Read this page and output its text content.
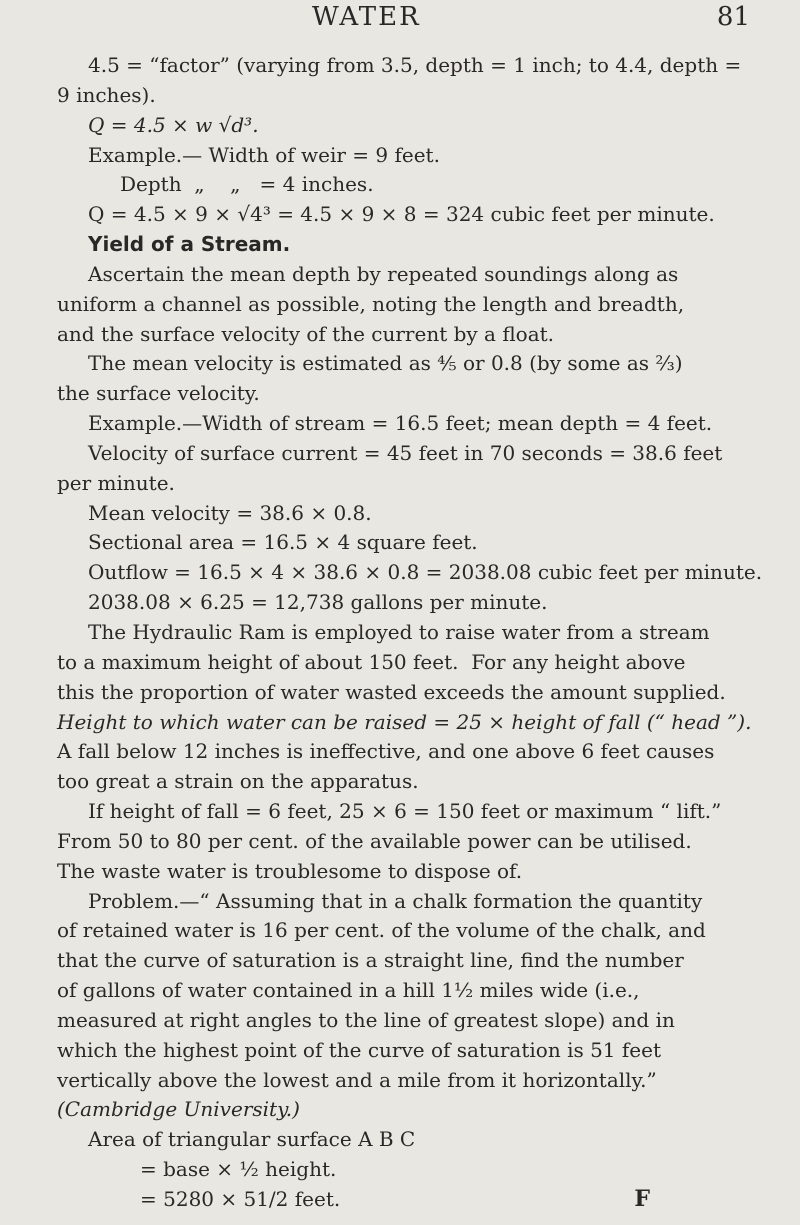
WATER	81
4.5 = “factor” (varying from 3.5, depth = 1 inch; to 4.4, depth =
9 inches).
Q = 4.5 × w √d³.
Example.— Width of weir = 9 feet.
Depth  „    „   = 4 inches.
Q = 4.5 × 9 × √4³ = 4.5 × 9 × 8 = 324 cubic feet per minute.
Yield of a Stream.
Ascertain the mean depth by repeated soundings along as
uniform a channel as possible, noting the length and breadth,
and the surface velocity of the current by a float.
The mean velocity is estimated as ⅘ or 0.8 (by some as ⅔)
the surface velocity.
Example.—Width of stream = 16.5 feet; mean depth = 4 feet.
Velocity of surface current = 45 feet in 70 seconds = 38.6 feet
per minute.
Mean velocity = 38.6 × 0.8.
Sectional area = 16.5 × 4 square feet.
Outflow = 16.5 × 4 × 38.6 × 0.8 = 2038.08 cubic feet per minute.
2038.08 × 6.25 = 12,738 gallons per minute.
The Hydraulic Ram is employed to raise water from a stream
to a maximum height of about 150 feet.  For any height above
this the proportion of water wasted exceeds the amount supplied.
Height to which water can be raised = 25 × height of fall (“ head ”).
A fall below 12 inches is ineffective, and one above 6 feet causes
too great a strain on the apparatus.
If height of fall = 6 feet, 25 × 6 = 150 feet or maximum “ lift.”
From 50 to 80 per cent. of the available power can be utilised.
The waste water is troublesome to dispose of.
Problem.—“ Assuming that in a chalk formation the quantity
of retained water is 16 per cent. of the volume of the chalk, and
that the curve of saturation is a straight line, find the number
of gallons of water contained in a hill 1½ miles wide (i.e.,
measured at right angles to the line of greatest slope) and in
which the highest point of the curve of saturation is 51 feet
vertically above the lowest and a mile from it horizontally.”
(Cambridge University.)
Area of triangular surface A B C
F
= base × ½ height.
= 5280 × 51/2 feet.
